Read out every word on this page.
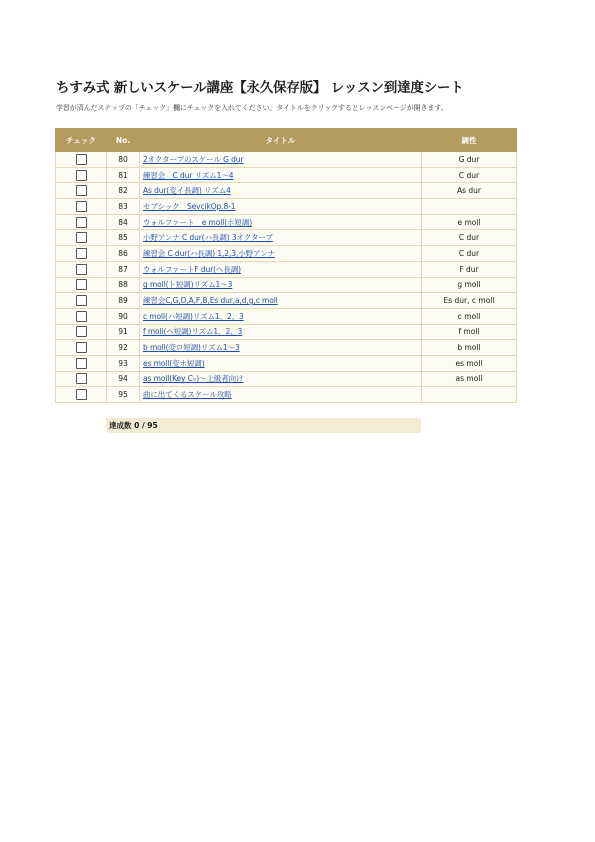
ちすみ式 新しいスケール講座【永久保存版】 レッスン到達度シート

学習が済んだステップの「チェック」欄にチェックを入れてください。タイトルをクリックするとレッスンページが開きます。

チェック	No.	タイトル	調性
	80	2オクターブのスケール G dur	G dur
	81	練習会　C dur リズム1〜4	C dur
	82	As dur(変イ長調) リズム4	As dur
	83	セブシック　SevcikOp.8-1	
	84	ウォルファート　e moll(ホ短調)	e moll
	85	小野アンナ C dur(ハ長調) 3オクターブ	C dur
	86	練習会 C dur(ハ長調) 1,2,3,小野アンナ	C dur
	87	ウォルファートF dur(ヘ長調)	F dur
	88	g moll(ト短調)リズム1〜3	g moll
	89	練習会C,G,D,A,F,B,Es dur,a,d,g,c moll	Es dur, c moll
	90	c moll(ハ短調)リズム1、2、3	c moll
	91	f moll(ヘ短調)リズム1、2、3	f moll
	92	b moll(変ロ短調)リズム1〜3	b moll
	93	es moll(変ホ短調)	es moll
	94	as moll(Key C♭)〜上級者向け	as moll
	95	曲に出てくるスケール攻略	
達成数 0 / 95
